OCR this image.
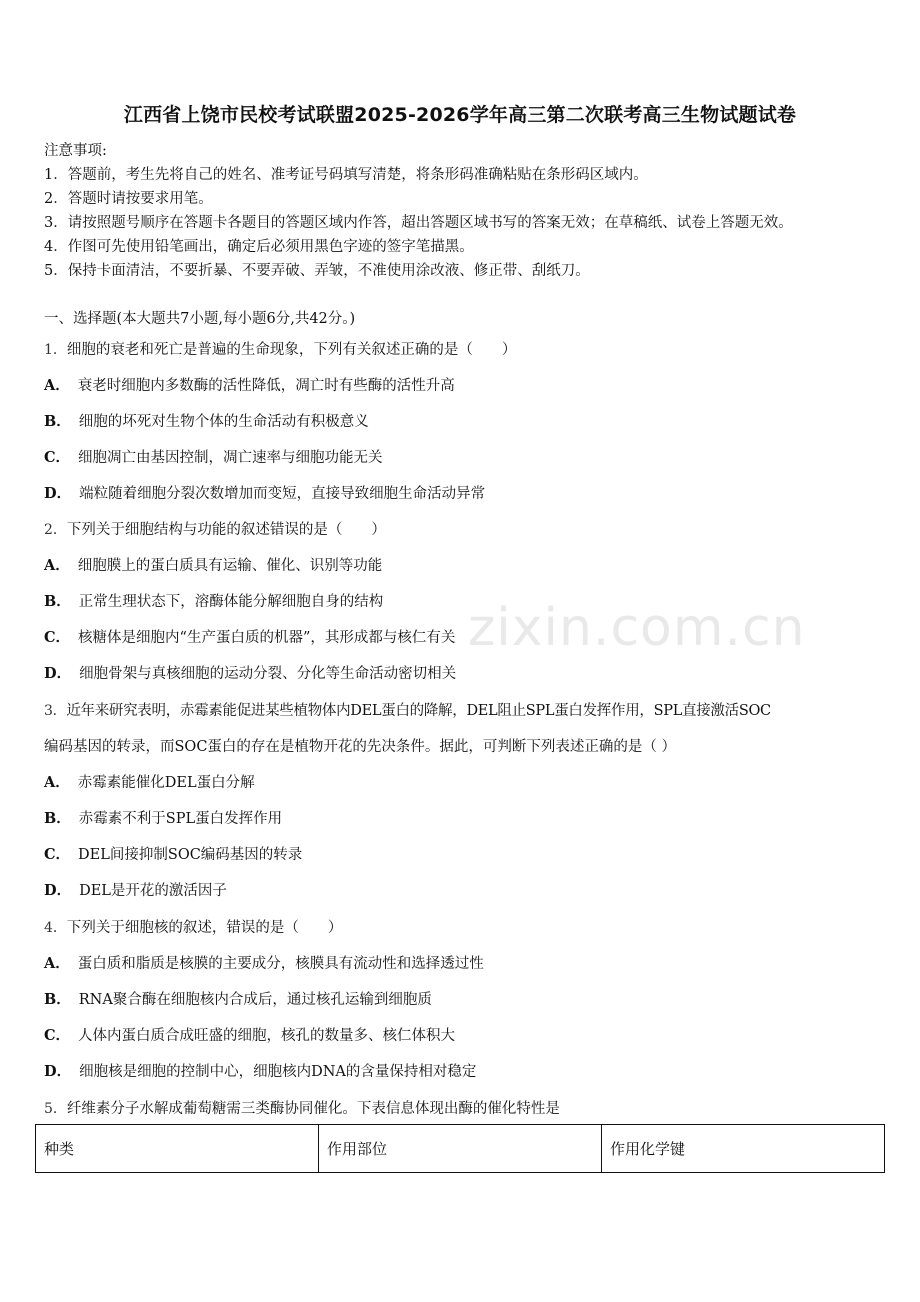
zixin.com.cn
江西省上饶市民校考试联盟2025-2026学年高三第二次联考高三生物试题试卷
注意事项:
1．答题前，考生先将自己的姓名、准考证号码填写清楚，将条形码准确粘贴在条形码区域内。
2．答题时请按要求用笔。
3．请按照题号顺序在答题卡各题目的答题区域内作答，超出答题区域书写的答案无效；在草稿纸、试卷上答题无效。
4．作图可先使用铅笔画出，确定后必须用黑色字迹的签字笔描黑。
5．保持卡面清洁，不要折暴、不要弄破、弄皱，不准使用涂改液、修正带、刮纸刀。
一、选择题(本大题共7小题,每小题6分,共42分。)
1．细胞的衰老和死亡是普遍的生命现象，下列有关叙述正确的是（　　）
A． 衰老时细胞内多数酶的活性降低，凋亡时有些酶的活性升高
B． 细胞的坏死对生物个体的生命活动有积极意义
C． 细胞凋亡由基因控制，凋亡速率与细胞功能无关
D． 端粒随着细胞分裂次数增加而变短，直接导致细胞生命活动异常
2．下列关于细胞结构与功能的叙述错误的是（　　）
A． 细胞膜上的蛋白质具有运输、催化、识别等功能
B． 正常生理状态下，溶酶体能分解细胞自身的结构
C． 核糖体是细胞内“生产蛋白质的机器”，其形成都与核仁有关
D． 细胞骨架与真核细胞的运动分裂、分化等生命活动密切相关
3．近年来研究表明，赤霉素能促进某些植物体内DEL蛋白的降解，DEL阻止SPL蛋白发挥作用，SPL直接激活SOC
编码基因的转录，而SOC蛋白的存在是植物开花的先决条件。据此，可判断下列表述正确的是（ ）
A． 赤霉素能催化DEL蛋白分解
B． 赤霉素不利于SPL蛋白发挥作用
C． DEL间接抑制SOC编码基因的转录
D． DEL是开花的激活因子
4．下列关于细胞核的叙述，错误的是（　　）
A． 蛋白质和脂质是核膜的主要成分，核膜具有流动性和选择透过性
B． RNA聚合酶在细胞核内合成后，通过核孔运输到细胞质
C． 人体内蛋白质合成旺盛的细胞，核孔的数量多、核仁体积大
D． 细胞核是细胞的控制中心，细胞核内DNA的含量保持相对稳定
5．纤维素分子水解成葡萄糖需三类酶协同催化。下表信息体现出酶的催化特性是
种类	作用部位	作用化学键
